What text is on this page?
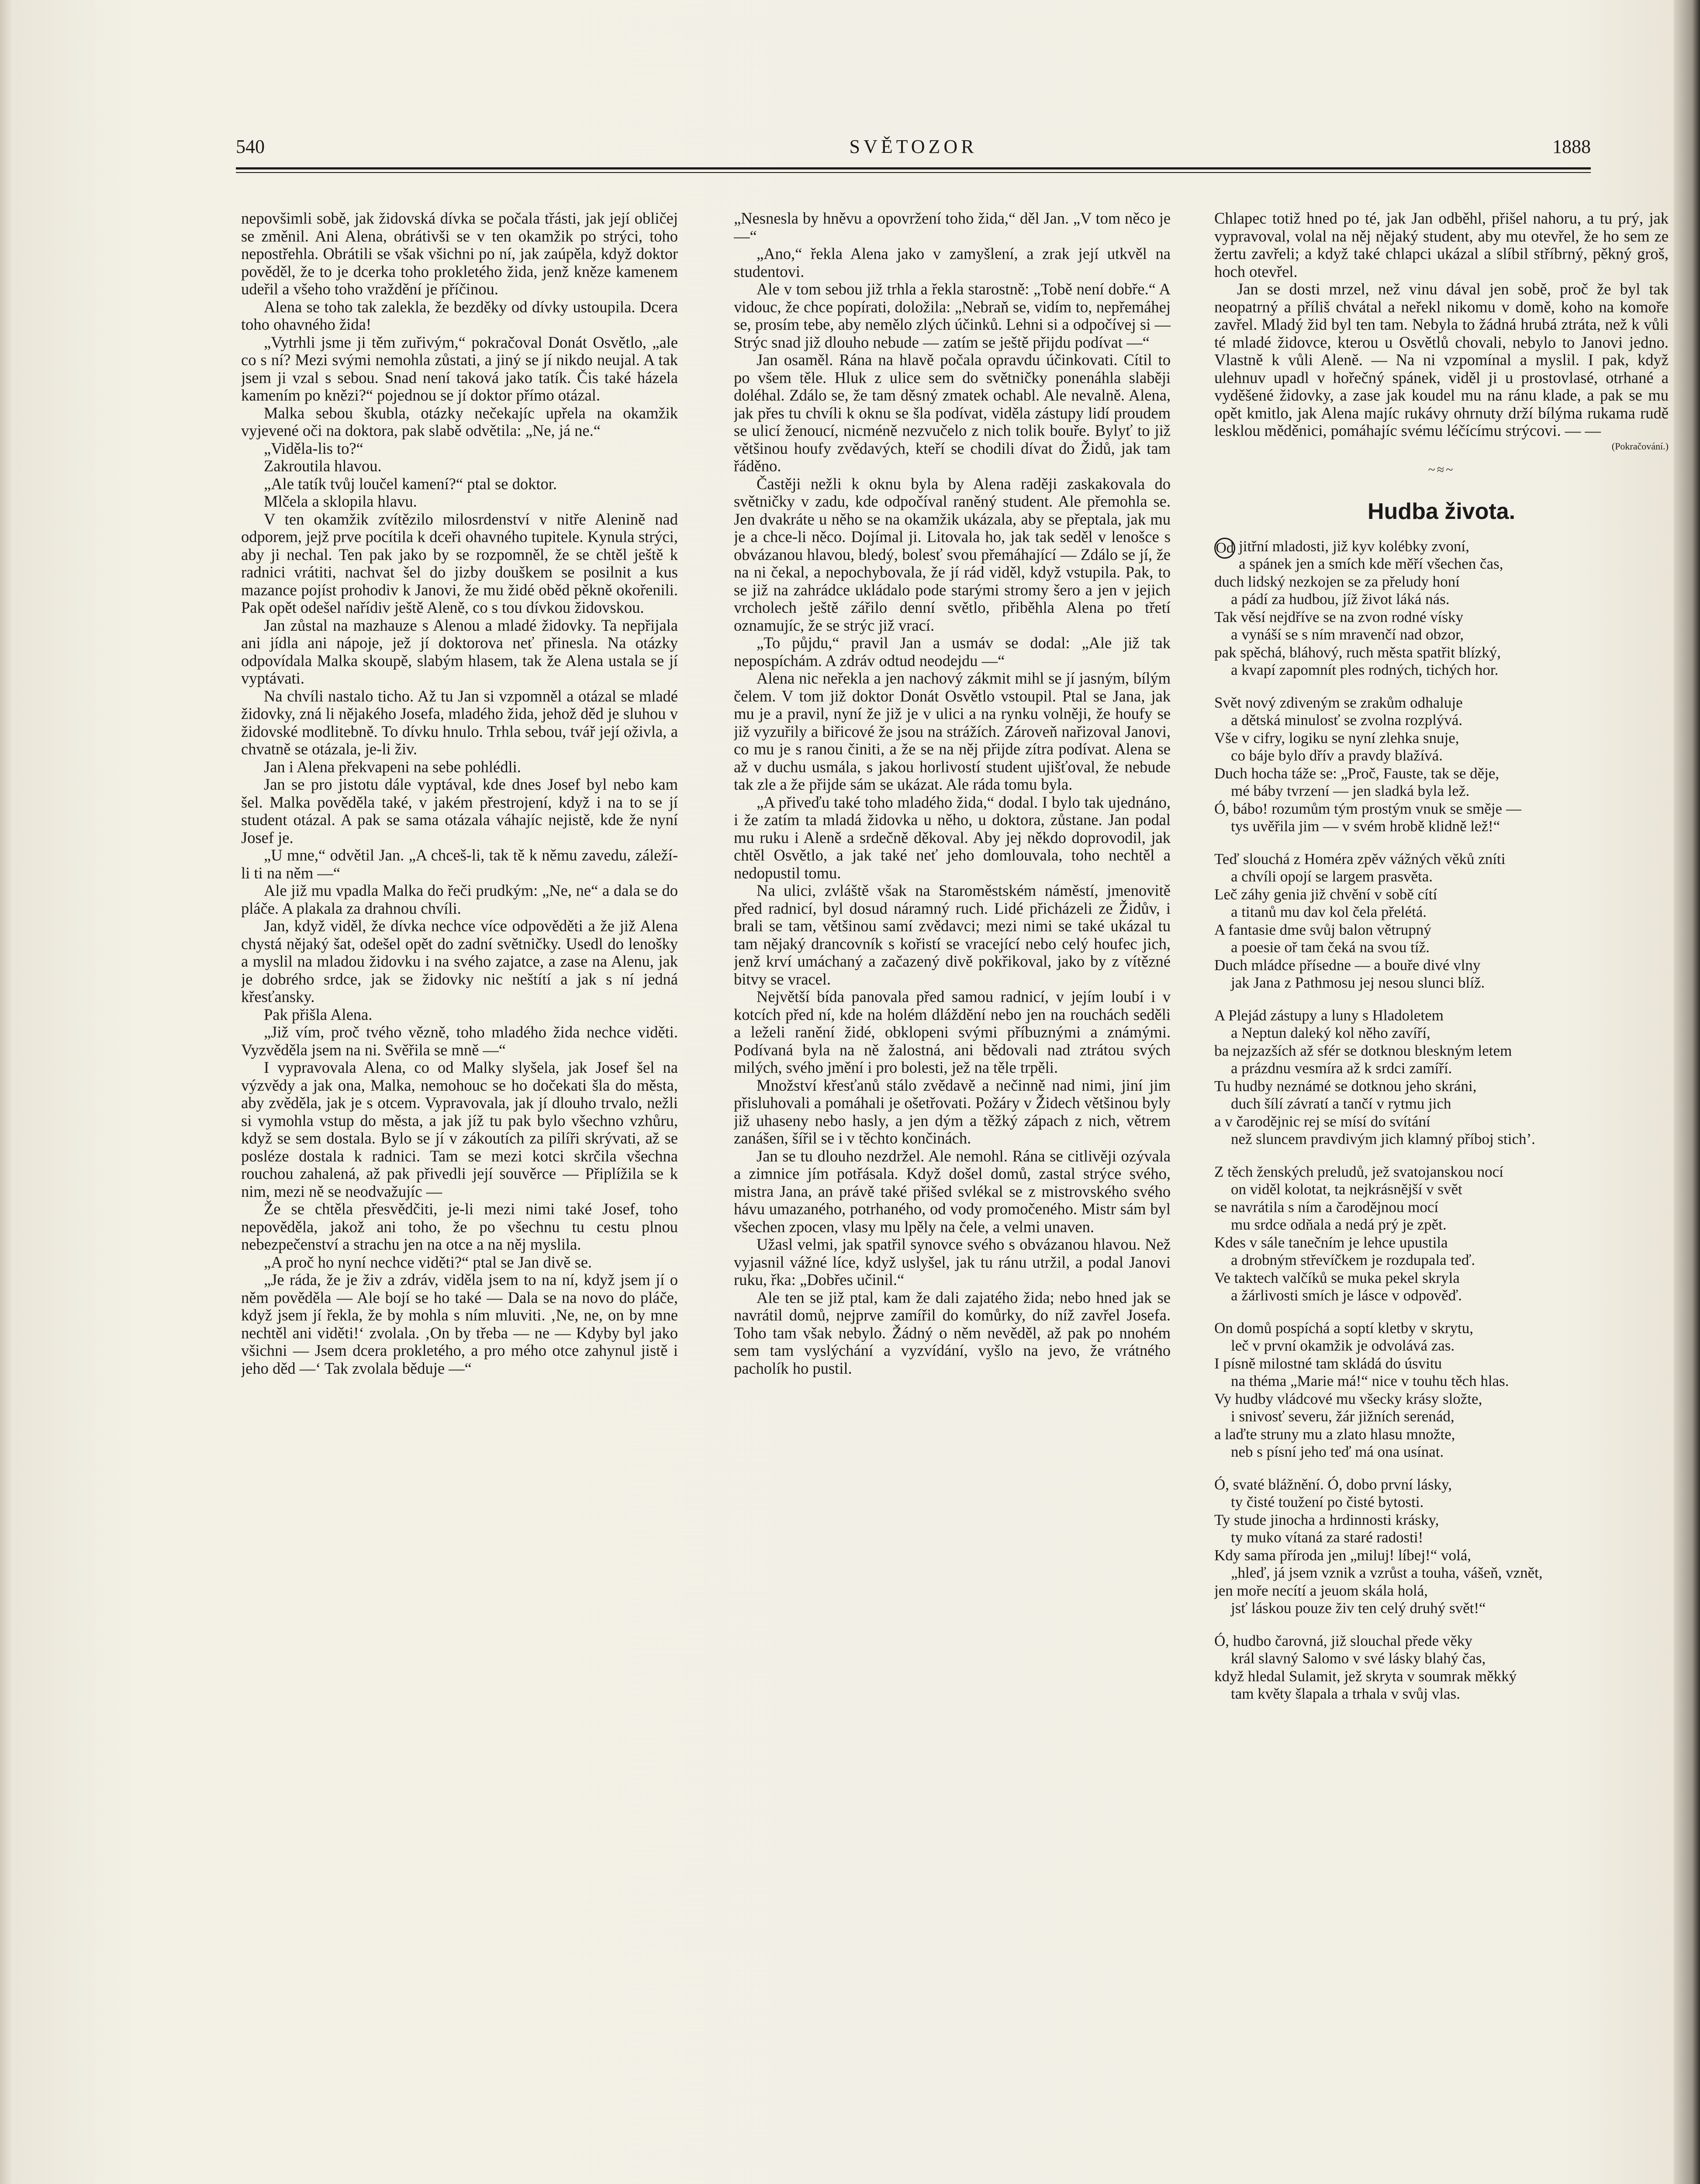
540	SVĚTOZOR	1888

nepovšimli sobě, jak židovská dívka se počala třásti, jak její obličej se změnil. Ani Alena, obrátivši se v ten okamžik po strýci, toho nepostřehla. Obrátili se však všichni po ní, jak zaúpěla, když doktor pověděl, že to je dcerka toho prokletého žida, jenž kněze kamenem udeřil a všeho toho vraždění je příčinou.

Alena se toho tak zalekla, že bezděky od dívky ustoupila. Dcera toho ohavného žida!

„Vytrhli jsme ji těm zuřivým,“ pokračoval Donát Osvětlo, „ale co s ní? Mezi svými nemohla zůstati, a jiný se jí nikdo neujal. A tak jsem ji vzal s sebou. Snad není taková jako tatík. Čis také házela kamením po knězi?“ pojednou se jí doktor přímo otázal.

Malka sebou škubla, otázky nečekajíc upřela na okamžik vyjevené oči na doktora, pak slabě odvětila: „Ne, já ne.“

„Viděla-lis to?“

Zakroutila hlavou.

„Ale tatík tvůj loučel kamení?“ ptal se doktor.

Mlčela a sklopila hlavu.

V ten okamžik zvítězilo milosrdenství v nitře Alenině nad odporem, jejž prve pocítila k dceři ohavného tupitele. Kynula strýci, aby ji nechal. Ten pak jako by se rozpomněl, že se chtěl ještě k radnici vrátiti, nachvat šel do jizby douškem se posilnit a kus mazance pojíst prohodiv k Janovi, že mu židé oběd pěkně okořenili. Pak opět odešel nařídiv ještě Aleně, co s tou dívkou židovskou.

Jan zůstal na mazhauze s Alenou a mladé židovky. Ta nepřijala ani jídla ani nápoje, jež jí doktorova neť přinesla. Na otázky odpovídala Malka skoupě, slabým hlasem, tak že Alena ustala se jí vyptávati.

Na chvíli nastalo ticho. Až tu Jan si vzpomněl a otázal se mladé židovky, zná li nějakého Josefa, mladého žida, jehož děd je sluhou v židovské modlitebně. To dívku hnulo. Trhla sebou, tvář její oživla, a chvatně se otázala, je-li živ.

Jan i Alena překvapeni na sebe pohlédli.

Jan se pro jistotu dále vyptával, kde dnes Josef byl nebo kam šel. Malka pověděla také, v jakém přestrojení, když i na to se jí student otázal. A pak se sama otázala váhajíc nejistě, kde že nyní Josef je.

„U mne,“ odvětil Jan. „A chceš-li, tak tě k němu zavedu, záleží-li ti na něm —“

Ale již mu vpadla Malka do řeči prudkým: „Ne, ne“ a dala se do pláče. A plakala za drahnou chvíli.

Jan, když viděl, že dívka nechce více odpověděti a že již Alena chystá nějaký šat, odešel opět do zadní světničky. Usedl do lenošky a myslil na mladou židovku i na svého zajatce, a zase na Alenu, jak je dobrého srdce, jak se židovky nic neštítí a jak s ní jedná křesťansky.

Pak přišla Alena.

„Již vím, proč tvého vězně, toho mladého žida nechce viděti. Vyzvěděla jsem na ni. Svěřila se mně —“

I vypravovala Alena, co od Malky slyšela, jak Josef šel na výzvědy a jak ona, Malka, nemohouc se ho dočekati šla do města, aby zvěděla, jak je s otcem. Vypravovala, jak jí dlouho trvalo, nežli si vymohla vstup do města, a jak jíž tu pak bylo všechno vzhůru, když se sem dostala. Bylo se jí v zákoutích za pilíři skrývati, až se posléze dostala k radnici. Tam se mezi kotci skrčila všechna rouchou zahalená, až pak přivedli její souvěrce — Připlížila se k nim, mezi ně se neodvažujíc —

Že se chtěla přesvědčiti, je-li mezi nimi také Josef, toho nepověděla, jakož ani toho, že po všechnu tu cestu plnou nebezpečenství a strachu jen na otce a na něj myslila.

„A proč ho nyní nechce viděti?“ ptal se Jan divě se.

„Je ráda, že je živ a zdráv, viděla jsem to na ní, když jsem jí o něm pověděla — Ale bojí se ho také — Dala se na novo do pláče, když jsem jí řekla, že by mohla s ním mluviti. ‚Ne, ne, on by mne nechtěl ani viděti!‘ zvolala. ‚On by třeba — ne — Kdyby byl jako všichni — Jsem dcera prokletého, a pro mého otce zahynul jistě i jeho děd —‘ Tak zvolala běduje —“

„Nesnesla by hněvu a opovržení toho žida,“ děl Jan. „V tom něco je —“

„Ano,“ řekla Alena jako v zamyšlení, a zrak její utkvěl na studentovi.

Ale v tom sebou již trhla a řekla starostně: „Tobě není dobře.“ A vidouc, že chce popírati, doložila: „Nebraň se, vidím to, nepřemáhej se, prosím tebe, aby nemělo zlých účinků. Lehni si a odpočívej si — Strýc snad již dlouho nebude — zatím se ještě přijdu podívat —“

Jan osaměl. Rána na hlavě počala opravdu účinkovati. Cítil to po všem těle. Hluk z ulice sem do světničky ponenáhla slaběji doléhal. Zdálo se, že tam děsný zmatek ochabl. Ale nevalně. Alena, jak přes tu chvíli k oknu se šla podívat, viděla zástupy lidí proudem se ulicí ženoucí, nicméně nezvučelo z nich tolik bouře. Bylyť to již většinou houfy zvědavých, kteří se chodili dívat do Židů, jak tam řáděno.

Častěji nežli k oknu byla by Alena raději zaskakovala do světničky v zadu, kde odpočíval raněný student. Ale přemohla se. Jen dvakráte u něho se na okamžik ukázala, aby se přeptala, jak mu je a chce-li něco. Dojímal ji. Litovala ho, jak tak seděl v lenošce s obvázanou hlavou, bledý, bolesť svou přemáhající — Zdálo se jí, že na ni čekal, a nepochybovala, že jí rád viděl, když vstupila. Pak, to se již na zahrádce ukládalo pode starými stromy šero a jen v jejich vrcholech ještě zářilo denní světlo, přiběhla Alena po třetí oznamujíc, že se strýc již vrací.

„To půjdu,“ pravil Jan a usmáv se dodal: „Ale již tak nepospíchám. A zdráv odtud neodejdu —“

Alena nic neřekla a jen nachový zákmit mihl se jí jasným, bílým čelem. V tom již doktor Donát Osvětlo vstoupil. Ptal se Jana, jak mu je a pravil, nyní že již je v ulici a na rynku volněji, že houfy se již vyzuřily a biřicové že jsou na strážích. Zároveň nařizoval Janovi, co mu je s ranou činiti, a že se na něj přijde zítra podívat. Alena se až v duchu usmála, s jakou horlivostí student ujišťoval, že nebude tak zle a že přijde sám se ukázat. Ale ráda tomu byla.

„A přiveďu také toho mladého žida,“ dodal. I bylo tak ujednáno, i že zatím ta mladá židovka u něho, u doktora, zůstane. Jan podal mu ruku i Aleně a srdečně děkoval. Aby jej někdo doprovodil, jak chtěl Osvětlo, a jak také neť jeho domlouvala, toho nechtěl a nedopustil tomu.

Na ulici, zvláště však na Staroměstském náměstí, jmenovitě před radnicí, byl dosud náramný ruch. Lidé přicházeli ze Židův, i brali se tam, většinou samí zvědavci; mezi nimi se také ukázal tu tam nějaký drancovník s kořistí se vracející nebo celý houfec jich, jenž krví umáchaný a začazený divě pokřikoval, jako by z vítězné bitvy se vracel.

Největší bída panovala před samou radnicí, v jejím loubí i v kotcích před ní, kde na holém dláždění nebo jen na rouchách seděli a leželi ranění židé, obklopeni svými příbuznými a známými. Podívaná byla na ně žalostná, ani bědovali nad ztrátou svých milých, svého jmění i pro bolesti, jež na těle trpěli.

Množství křesťanů stálo zvědavě a nečinně nad nimi, jiní jim přisluhovali a pomáhali je ošetřovati. Požáry v Židech většinou byly již uhaseny nebo hasly, a jen dým a těžký zápach z nich, větrem zanášen, šířil se i v těchto končinách.

Jan se tu dlouho nezdržel. Ale nemohl. Rána se citlivěji ozývala a zimnice jím potřásala. Když došel domů, zastal strýce svého, mistra Jana, an právě také přišed svlékal se z mistrovského svého hávu umazaného, potrhaného, od vody promočeného. Mistr sám byl všechen zpocen, vlasy mu lpěly na čele, a velmi unaven.

Užasl velmi, jak spatřil synovce svého s obvázanou hlavou. Než vyjasnil vážné líce, když uslyšel, jak tu ránu utržil, a podal Janovi ruku, řka: „Dobřes učinil.“

Ale ten se již ptal, kam že dali zajatého žida; nebo hned jak se navrátil domů, nejprve zamířil do komůrky, do níž zavřel Josefa. Toho tam však nebylo. Žádný o něm nevěděl, až pak po nnohém sem tam vyslýchání a vyzvídání, vyšlo na jevo, že vrátného pacholík ho pustil.

Chlapec totiž hned po té, jak Jan odběhl, přišel nahoru, a tu prý, jak vypravoval, volal na něj nějaký student, aby mu otevřel, že ho sem ze žertu zavřeli; a když také chlapci ukázal a slíbil stříbrný, pěkný groš, hoch otevřel.

Jan se dosti mrzel, než vinu dával jen sobě, proč že byl tak neopatrný a příliš chvátal a neřekl nikomu v domě, koho na komoře zavřel. Mladý žid byl ten tam. Nebyla to žádná hrubá ztráta, než k vůli té mladé židovce, kterou u Osvětlů chovali, nebylo to Janovi jedno. Vlastně k vůli Aleně. — Na ni vzpomínal a myslil. I pak, když ulehnuv upadl v hořečný spánek, viděl ji u prostovlasé, otrhané a vyděšené židovky, a zase jak koudel mu na ránu klade, a pak se mu opět kmitlo, jak Alena majíc rukávy ohrnuty drží bílýma rukama rudě lesklou měděnici, pomáhajíc svému léčícímu strýcovi. — —

(Pokračování.)
~≈~
Hudba života.
Od jitřní mladosti, již kyv kolébky zvoní,
a spánek jen a smích kde měří všechen čas,
duch lidský nezkojen se za přeludy honí
a pádí za hudbou, jíž život láká nás.
Tak věsí nejdříve se na zvon rodné vísky
a vynáší se s ním mravenčí nad obzor,
pak spěchá, bláhový, ruch města spatřit blízký,
a kvapí zapomnít ples rodných, tichých hor.
Svět nový zdiveným se zrakům odhaluje
a dětská minulosť se zvolna rozplývá.
Vše v cifry, logiku se nyní zlehka snuje,
co báje bylo dřív a pravdy blažívá.
Duch hocha táže se: „Proč, Fauste, tak se děje,
mé báby tvrzení — jen sladká byla lež.
Ó, bábo! rozumům tým prostým vnuk se směje —
tys uvěřila jim — v svém hrobě klidně lež!“
Teď slouchá z Homéra zpěv vážných věků zníti
a chvíli opojí se largem prasvěta.
Leč záhy genia již chvění v sobě cítí
a titanů mu dav kol čela přelétá.
A fantasie dme svůj balon větrupný
a poesie oř tam čeká na svou tíž.
Duch mládce přísedne — a bouře divé vlny
jak Jana z Pathmosu jej nesou slunci blíž.
A Plejád zástupy a luny s Hladoletem
a Neptun daleký kol něho zavíří,
ba nejzazších až sfér se dotknou bleskným letem
a prázdnu vesmíra až k srdci zamíří.
Tu hudby neznámé se dotknou jeho skráni,
duch šílí závratí a tančí v rytmu jich
a v čarodějnic rej se mísí do svítání
než sluncem pravdivým jich klamný příboj stich’.
Z těch ženských preludů, jež svatojanskou nocí
on viděl kolotat, ta nejkrásnější v svět
se navrátila s ním a čarodějnou mocí
mu srdce odňala a nedá prý je zpět.
Kdes v sále tanečním je lehce upustila
a drobným střevíčkem je rozdupala teď.
Ve taktech valčíků se muka pekel skryla
a žárlivosti smích je lásce v odpověď.
On domů pospíchá a soptí kletby v skrytu,
leč v první okamžik je odvolává zas.
I písně milostné tam skládá do úsvitu
na théma „Marie má!“ nice v touhu těch hlas.
Vy hudby vládcové mu všecky krásy složte,
i snivosť severu, žár jižních serenád,
a laďte struny mu a zlato hlasu množte,
neb s písní jeho teď má ona usínat.
Ó, svaté blážnění. Ó, dobo první lásky,
ty čisté toužení po čisté bytosti.
Ty stude jinocha a hrdinnosti krásky,
ty muko vítaná za staré radosti!
Kdy sama příroda jen „miluj! líbej!“ volá,
„hleď, já jsem vznik a vzrůst a touha, vášeň, vznět,
jen moře necítí a jeuom skála holá,
jsť láskou pouze živ ten celý druhý svět!“
Ó, hudbo čarovná, již slouchal přede věky
král slavný Salomo v své lásky blahý čas,
když hledal Sulamit, jež skryta v soumrak měkký
tam květy šlapala a trhala v svůj vlas.
